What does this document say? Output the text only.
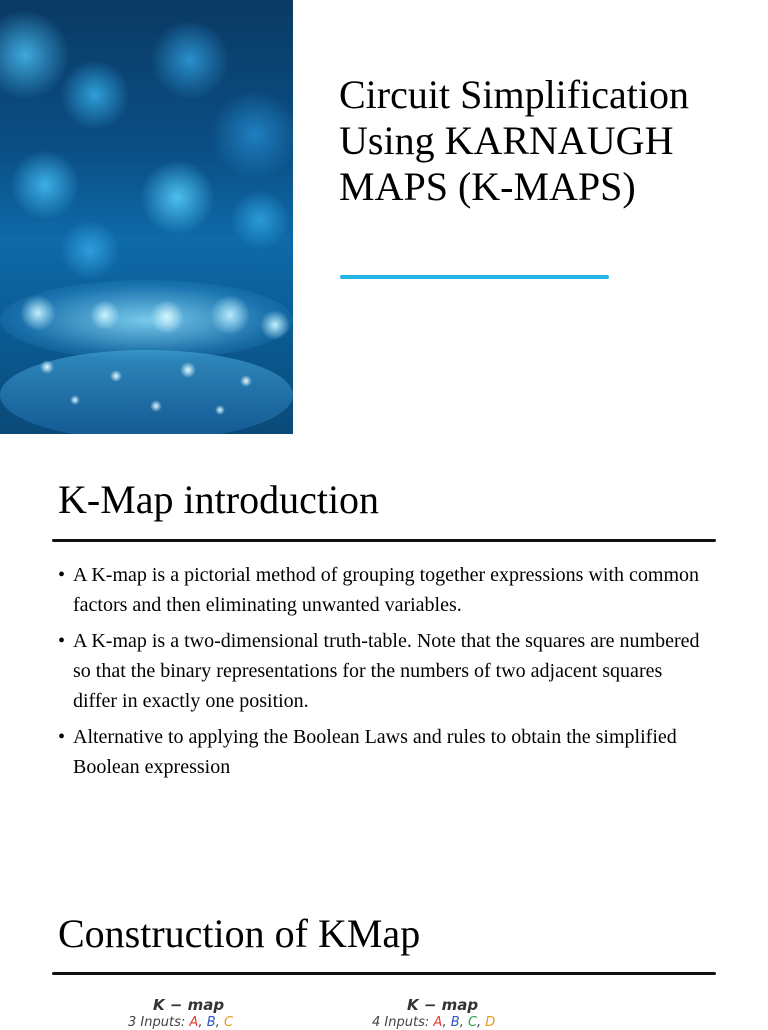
Circuit Simplification
Using KARNAUGH
MAPS (K-MAPS)
K-Map introduction
• A K-map is a pictorial method of grouping together expressions with common factors and then eliminating unwanted variables.
• A K-map is a two-dimensional truth-table. Note that the squares are numbered so that the binary representations for the numbers of two adjacent squares differ in exactly one position.
• Alternative to applying the Boolean Laws and rules to obtain the simplified Boolean expression
Construction of KMap
K − map
3 Inputs: A, B, C
K − map
4 Inputs: A, B, C, D
